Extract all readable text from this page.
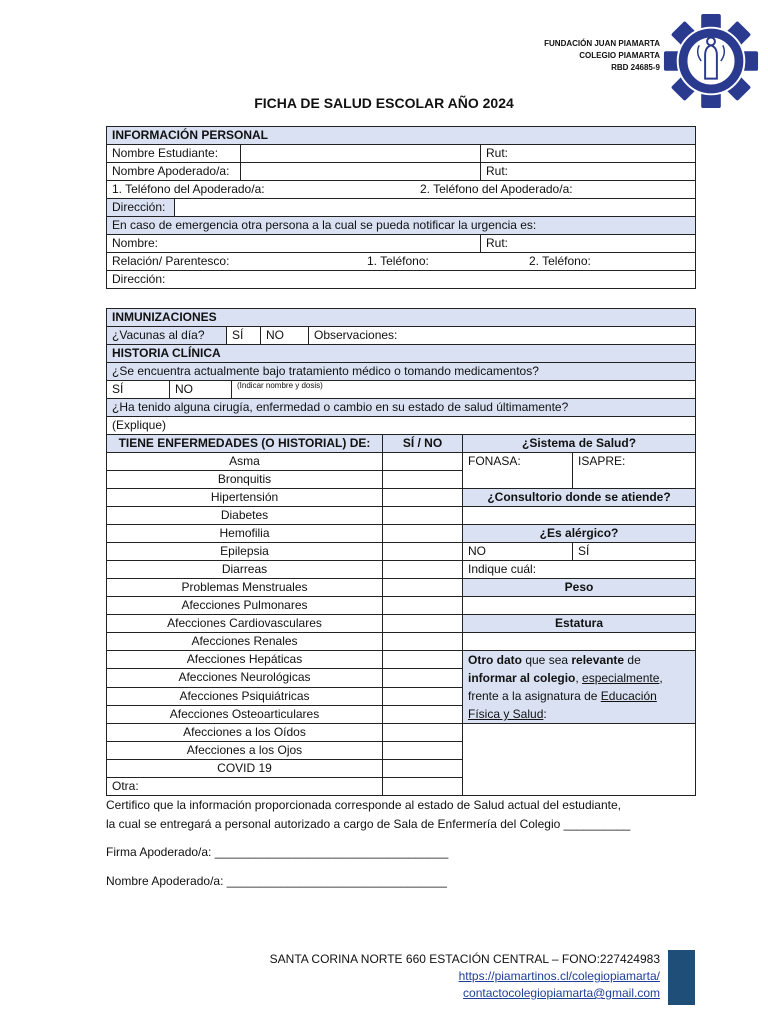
FUNDACIÓN JUAN PIAMARTA
COLEGIO PIAMARTA
RBD 24685-9
FICHA DE SALUD ESCOLAR AÑO 2024
INFORMACIÓN PERSONAL		
Nombre Estudiante:		Rut:
Nombre Apoderado/a:		Rut:

1. Teléfono del Apoderado/a: 2. Teléfono del Apoderado/a:		

Dirección:		

En caso de emergencia otra persona a la cual se pueda notificar la urgencia es:		
Nombre:		Rut:

Relación/ Parentesco: 1. Teléfono: 2. Teléfono:		

Dirección:		
INMUNIZACIONES			

¿Vacunas al día? SÍ NO Observaciones:			

HISTORIA CLÍNICA			
¿Se encuentra actualmente bajo tratamiento médico o tomando medicamentos?			

SÍ NO (Indicar nombre y dosis)			

¿Ha tenido alguna cirugía, enfermedad o cambio en su estado de salud últimamente?			
(Explique)			
TIENE ENFERMEDADES (O HISTORIAL) DE:	SÍ / NO	¿Sistema de Salud?	
Asma		FONASA:	ISAPRE:
Bronquitis			
Hipertensión		¿Consultorio donde se atiende?	
Diabetes			
Hemofilia		¿Es alérgico?	
Epilepsia		NO	SÍ
Diarreas		Indique cuál:	
Problemas Menstruales		Peso	
Afecciones Pulmonares			
Afecciones Cardiovasculares		Estatura	
Afecciones Renales			
Afecciones Hepáticas		Otro dato que sea relevante de
informar al colegio, especialmente,
frente a la asignatura de Educación
Física y Salud:	
Afecciones Neurológicas			
Afecciones Psiquiátricas			
Afecciones Osteoarticulares			
Afecciones a los Oídos			
Afecciones a los Ojos			
COVID 19			
Otra:			
Certifico que la información proporcionada corresponde al estado de Salud actual del estudiante,
la cual se entregará a personal autorizado a cargo de Sala de Enfermería del Colegio __________
Firma Apoderado/a: ___________________________________
Nombre Apoderado/a: _________________________________
SANTA CORINA NORTE 660 ESTACIÓN CENTRAL – FONO:227424983
https://piamartinos.cl/colegiopiamarta/
contactocolegiopiamarta@gmail.com
